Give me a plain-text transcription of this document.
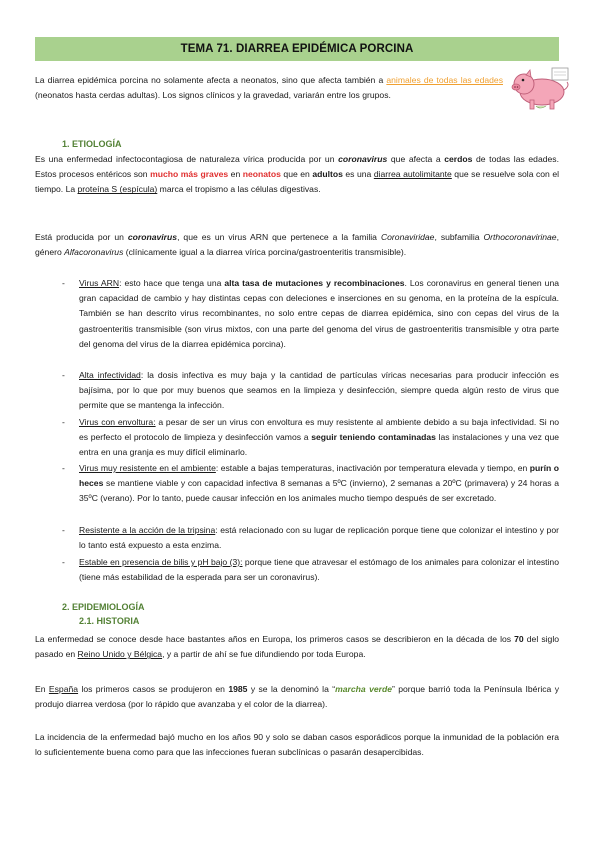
TEMA 71. DIARREA EPIDÉMICA PORCINA
La diarrea epidémica porcina no solamente afecta a neonatos, sino que afecta también a animales de todas las edades (neonatos hasta cerdas adultas). Los signos clínicos y la gravedad, variarán entre los grupos.
1. ETIOLOGÍA
Es una enfermedad infectocontagiosa de naturaleza vírica producida por un coronavirus que afecta a cerdos de todas las edades. Estos procesos entéricos son mucho más graves en neonatos que en adultos es una diarrea autolimitante que se resuelve sola con el tiempo. La proteína S (espícula) marca el tropismo a las células digestivas.
Está producida por un coronavirus, que es un virus ARN que pertenece a la familia Coronaviridae, subfamilia Orthocoronavirinae, género Alfacoronavirus (clínicamente igual a la diarrea vírica porcina/gastroenteritis transmisible).
- Virus ARN: esto hace que tenga una alta tasa de mutaciones y recombinaciones. Los coronavirus en general tienen una gran capacidad de cambio y hay distintas cepas con deleciones e inserciones en su genoma, en la proteína de la espícula. También se han descrito virus recombinantes, no solo entre cepas de diarrea epidémica, sino con cepas del virus de la gastroenteritis transmisible (son virus mixtos, con una parte del genoma del virus de gastroenteritis transmisible y otra parte del genoma del virus de la diarrea epidémica porcina).
- Alta infectividad: la dosis infectiva es muy baja y la cantidad de partículas víricas necesarias para producir infección es bajísima, por lo que por muy buenos que seamos en la limpieza y desinfección, siempre queda algún resto de virus que permite que se mantenga la infección.
- Virus con envoltura: a pesar de ser un virus con envoltura es muy resistente al ambiente debido a su baja infectividad. Si no es perfecto el protocolo de limpieza y desinfección vamos a seguir teniendo contaminadas las instalaciones y una vez que entra en una granja es muy difícil eliminarlo.
- Virus muy resistente en el ambiente: estable a bajas temperaturas, inactivación por temperatura elevada y tiempo, en purín o heces se mantiene viable y con capacidad infectiva 8 semanas a 5ºC (invierno), 2 semanas a 20ºC (primavera) y 24 horas a 35ºC (verano). Por lo tanto, puede causar infección en los animales mucho tiempo después de ser excretado.
- Resistente a la acción de la tripsina: está relacionado con su lugar de replicación porque tiene que colonizar el intestino y por lo tanto está expuesto a esta enzima.
- Estable en presencia de bilis y pH bajo (3): porque tiene que atravesar el estómago de los animales para colonizar el intestino (tiene más estabilidad de la esperada para ser un coronavirus).
2. EPIDEMIOLOGÍA
2.1. HISTORIA
La enfermedad se conoce desde hace bastantes años en Europa, los primeros casos se describieron en la década de los 70 del siglo pasado en Reino Unido y Bélgica, y a partir de ahí se fue difundiendo por toda Europa.
En España los primeros casos se produjeron en 1985 y se la denominó la “marcha verde” porque barrió toda la Península Ibérica y produjo diarrea verdosa (por lo rápido que avanzaba y el color de la diarrea).
La incidencia de la enfermedad bajó mucho en los años 90 y solo se daban casos esporádicos porque la inmunidad de la población era lo suficientemente buena como para que las infecciones fueran subclínicas o pasarán desapercibidas.
